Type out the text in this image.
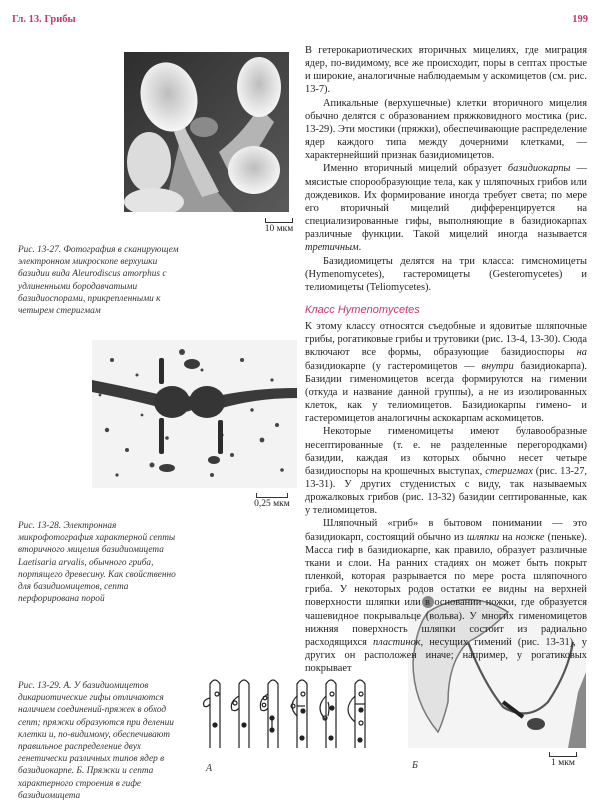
Гл. 13. Грибы	199
10 мкм
Рис. 13-27. Фотография в сканирующем электронном микроскопе верхушки базидии вида Aleurodiscus amorphus с удлиненными бородавчатыми базидиоспорами, прикрепленными к четырем стеригмам
0,25 мкм
Рис. 13-28. Электронная микрофотография характерной септы вторичного мицелия базидиомицета Laetisaria arvalis, обычного гриба, портящего древесину. Как свойственно для базидиомицетов, септа перфорирована порой
А	Б	1 мкм
Рис. 13-29. А. У базидиомицетов дикариотические гифы отличаются наличием соединений-пряжек в обход септ; пряжки образуются при делении клетки и, по-видимому, обеспечивают правильное распределение двух генетически различных типов ядер в базидиокарпе. Б. Пряжки и септа характерного строения в гифе базидиомицета

В гетерокариотических вторичных мицелиях, где миграция ядер, по-видимому, все же происходит, поры в септах простые и широкие, аналогичные наблюдаемым у аскомицетов (см. рис. 13-7).

Апикальные (верхушечные) клетки вторичного мицелия обычно делятся с образованием пряжковидного мостика (рис. 13-29). Эти мостики (пряжки), обеспечивающие распределение ядер каждого типа между дочерними клетками, — характернейший признак базидиомицетов.

Именно вторичный мицелий образует базидиокарпы — мясистые спорообразующие тела, как у шляпочных грибов или дождевиков. Их формирование иногда требует света; по мере его вторичный мицелий дифференцируется на специализированные гифы, выполняющие в базидиокарпах различные функции. Такой мицелий иногда называется третичным.

Базидиомицеты делятся на три класса: гимсномицеты (Hymenomycetes), гастеромицеты (Gesteromycetes) и телиомицеты (Teliomycetes).

Класс Hymenomycetes

К этому классу относятся съедобные и ядовитые шляпочные грибы, рогатиковые грибы и трутовики (рис. 13-4, 13-30). Сюда включают все формы, образующие базидиоспоры на базидиокарпе (у гастеромицетов — внутри базидиокарпа). Базидии гименомицетов всегда формируются на гимении (откуда и название данной группы), а не из изолированных клеток, как у телиомицетов. Базидиокарпы гимено- и гастеромицетов аналогичны аскокарпам аскомицетов.

Некоторые гименомицеты имеют булавообразные несептированные (т. е. не разделенные перегородками) базидии, каждая из которых обычно несет четыре базидиоспоры на крошечных выступах, стеригмах (рис. 13-27, 13-31). У других студенистых с виду, так называемых дрожалковых грибов (рис. 13-32) базидии септированные, как у телиомицетов.

Шляпочный «гриб» в бытовом понимании — это базидиокарп, состоящий обычно из шляпки на ножке (пеньке). Масса гиф в базидиокарпе, как правило, образует различные ткани и слои. На ранних стадиях он может быть покрыт пленкой, которая разрывается по мере роста шляпочного гриба. У некоторых родов остатки ее видны на верхней поверхности шляпки или в основании ножки, где образуется чашевидное покрывальце (вольва). У многих гименомицетов нижняя поверхность шляпки состоит из радиально расходящихся пластинок, несущих гимений (рис. 13-31), у других он расположен иначе; например, у рогатиковых покрывает
